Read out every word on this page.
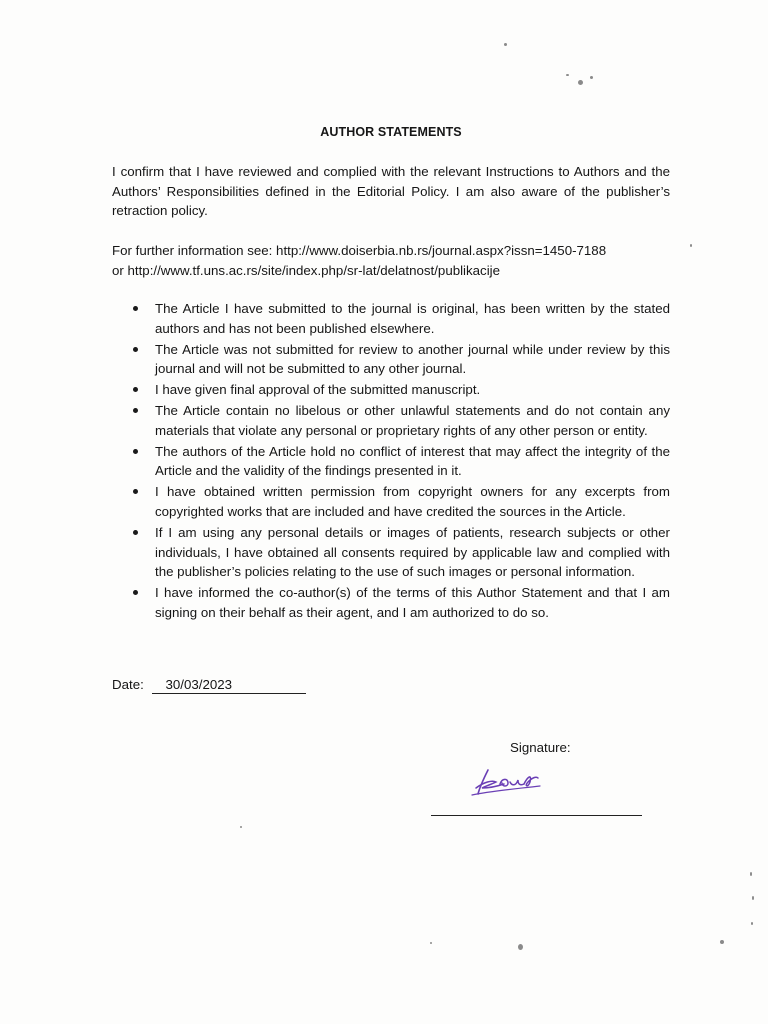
AUTHOR STATEMENTS
I confirm that I have reviewed and complied with the relevant Instructions to Authors and the Authors’ Responsibilities defined in the Editorial Policy. I am also aware of the publisher’s retraction policy.
For further information see: http://www.doiserbia.nb.rs/journal.aspx?issn=1450-7188
or http://www.tf.uns.ac.rs/site/index.php/sr-lat/delatnost/publikacije
The Article I have submitted to the journal is original, has been written by the stated authors and has not been published elsewhere.
The Article was not submitted for review to another journal while under review by this journal and will not be submitted to any other journal.
I have given final approval of the submitted manuscript.
The Article contain no libelous or other unlawful statements and do not contain any materials that violate any personal or proprietary rights of any other person or entity.
The authors of the Article hold no conflict of interest that may affect the integrity of the Article and the validity of the findings presented in it.
I have obtained written permission from copyright owners for any excerpts from copyrighted works that are included and have credited the sources in the Article.
If I am using any personal details or images of patients, research subjects or other individuals, I have obtained all consents required by applicable law and complied with the publisher’s policies relating to the use of such images or personal information.
I have informed the co-author(s) of the terms of this Author Statement and that I am signing on their behalf as their agent, and I am authorized to do so.
Date: 30/03/2023
Signature:
